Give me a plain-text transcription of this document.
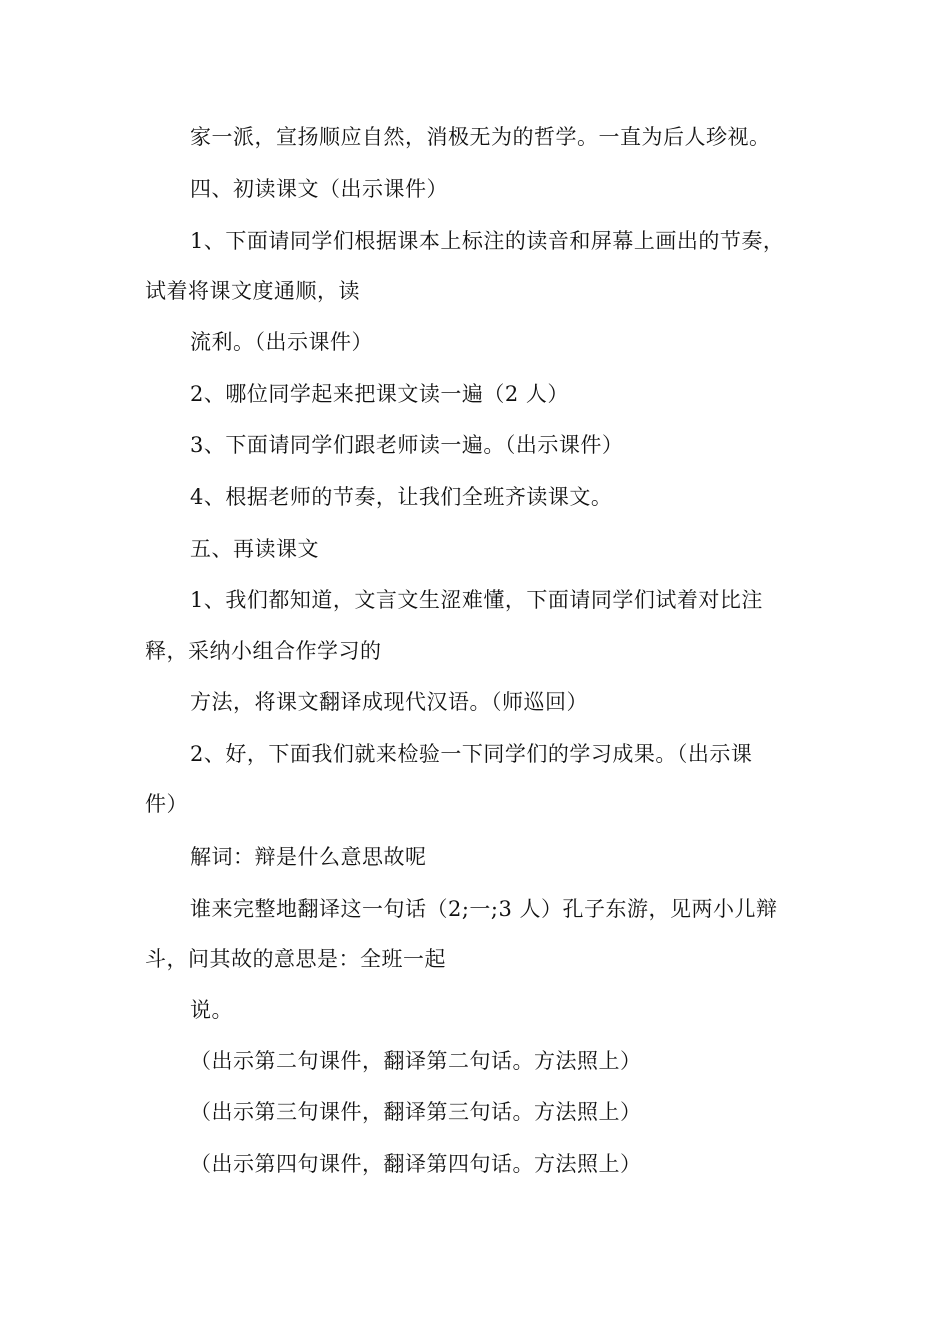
家一派，宣扬顺应自然，消极无为的哲学。一直为后人珍视。
四、初读课文（出示课件）
1、下面请同学们根据课本上标注的读音和屏幕上画出的节奏，
试着将课文度通顺，读
流利。（出示课件）
2、哪位同学起来把课文读一遍（2 人）
3、下面请同学们跟老师读一遍。（出示课件）
4、根据老师的节奏，让我们全班齐读课文。
五、再读课文
1、我们都知道，文言文生涩难懂，下面请同学们试着对比注
释，采纳小组合作学习的
方法，将课文翻译成现代汉语。（师巡回）
2、好，下面我们就来检验一下同学们的学习成果。（出示课
件）
解词：辩是什么意思故呢
谁来完整地翻译这一句话（2;一;3 人）孔子东游，见两小儿辩
斗，问其故的意思是：全班一起
说。
（出示第二句课件，翻译第二句话。方法照上）
（出示第三句课件，翻译第三句话。方法照上）
（出示第四句课件，翻译第四句话。方法照上）
